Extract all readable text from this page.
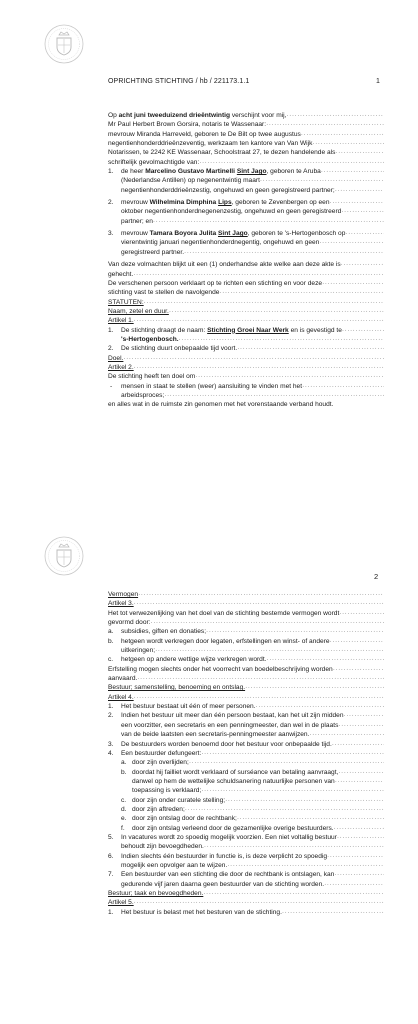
OPRICHTING STICHTING / hb / 221173.1.1	1
Op acht juni tweeduizend drieëntwintig verschijnt voor mij,
·····
Mr Paul Herbert Brown Gorsira, notaris te Wassenaar:
·····
mevrouw Miranda Harreveld, geboren te De Bilt op twee augustus
·····
negentienhonderddrieënzeventig, werkzaam ten kantore van Van Wijk
·····
Notarissen, te 2242 KE Wassenaar, Schoolstraat 27, te dezen handelende als
·····
schriftelijk gevolmachtigde van:
·····
1. de heer Marcelino Gustavo Martinelli Sint Jago, geboren te Aruba
·····
(Nederlandse Antillen) op negenentwintig maart
·····
negentienhonderddrieënzestig, ongehuwd en geen geregistreerd partner;
·····
2. mevrouw Wilhelmina Dimphina Lips, geboren te Zevenbergen op een
·····
oktober negentienhonderdnegenenzestig, ongehuwd en geen geregistreerd
·····
partner; en
·····
3. mevrouw Tamara Boyora Julita Sint Jago, geboren te 's-Hertogenbosch op
·····
vierentwintig januari negentienhonderdnegentig, ongehuwd en geen
·····
geregistreerd partner.
·····
Van deze volmachten blijkt uit een (1) onderhandse akte welke aan deze akte is
·····
gehecht.
·····
De verschenen persoon verklaart op te richten een stichting en voor deze
·····
stichting vast te stellen de navolgende
·····
STATUTEN:
·····
Naam, zetel en duur.
·····
Artikel 1.
·····
1. De stichting draagt de naam: Stichting Groei Naar Werk en is gevestigd te
·····
's-Hertogenbosch.
·····
2. De stichting duurt onbepaalde tijd voort.
·····
Doel.
·····
Artikel 2.
·····
De stichting heeft ten doel om
·····
- mensen in staat te stellen (weer) aansluiting te vinden met het
·····
arbeidsproces;
·····
en alles wat in de ruimste zin genomen met het vorenstaande verband houdt.
2
Vermogen
·····
Artikel 3.
·····
Het tot verwezenlijking van het doel van de stichting bestemde vermogen wordt
·····
gevormd door:
·····
a. subsidies, giften en donaties;
·····
b. hetgeen wordt verkregen door legaten, erfstellingen en winst- of andere
·····
uitkeringen;
·····
c. hetgeen op andere wettige wijze verkregen wordt.
·····
Erfstelling mogen slechts onder het voorrecht van boedelbeschrijving worden
·····
aanvaard.
·····
Bestuur; samenstelling, benoeming en ontslag.
·····
Artikel 4.
·····
1. Het bestuur bestaat uit één of meer personen.
·····
2. Indien het bestuur uit meer dan één persoon bestaat, kan het uit zijn midden
·····
een voorzitter, een secretaris en een penningmeester, dan wel in de plaats
·····
van de beide laatsten een secretaris-penningmeester aanwijzen.
·····
3. De bestuurders worden benoemd door het bestuur voor onbepaalde tijd.
·····
4. Een bestuurder defungeert:
·····
a. door zijn overlijden;
·····
b. doordat hij failliet wordt verklaard of surséance van betaling aanvraagt,
·····
danwel op hem de wettelijke schuldsanering natuurlijke personen van
·····
toepassing is verklaard;
·····
c. door zijn onder curatele stelling;
·····
d. door zijn aftreden;
·····
e. door zijn ontslag door de rechtbank;
·····
f. door zijn ontslag verleend door de gezamenlijke overige bestuurders.
·····
5. In vacatures wordt zo spoedig mogelijk voorzien. Een niet voltallig bestuur
·····
behoudt zijn bevoegdheden.
·····
6. Indien slechts één bestuurder in functie is, is deze verplicht zo spoedig
·····
mogelijk een opvolger aan te wijzen.
·····
7. Een bestuurder van een stichting die door de rechtbank is ontslagen, kan
·····
gedurende vijf jaren daarna geen bestuurder van de stichting worden.
·····
Bestuur; taak en bevoegdheden.
·····
Artikel 5.
·····
1. Het bestuur is belast met het besturen van de stichting.
·····
